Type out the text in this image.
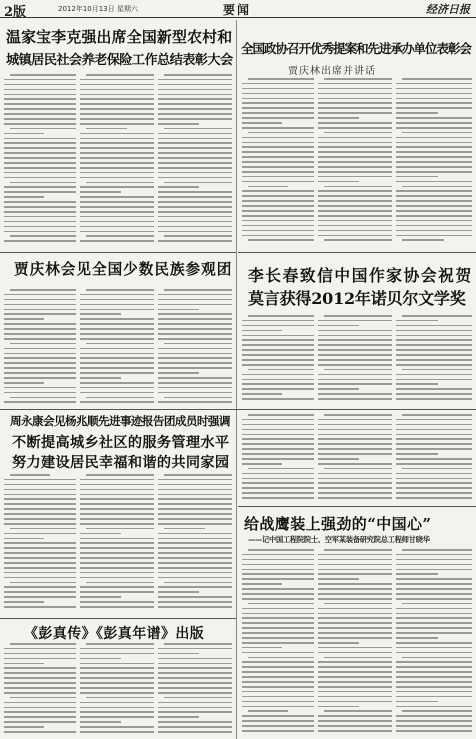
2版	2012年10月13日 星期六	要闻	经济日报
温家宝李克强出席全国新型农村和
城镇居民社会养老保险工作总结表彰大会
全国政协召开优秀提案和先进承办单位表彰会
贾庆林出席并讲话
贾庆林会见全国少数民族参观团 李长春致信中国作家协会祝贺
莫言获得2012年诺贝尔文学奖
周永康会见杨兆顺先进事迹报告团成员时强调
不断提高城乡社区的服务管理水平
努力建设居民幸福和谐的共同家园
给战鹰装上强劲的“中国心”
——记中国工程院院士、空军某装备研究院总工程师甘晓华
《彭真传》《彭真年谱》出版
